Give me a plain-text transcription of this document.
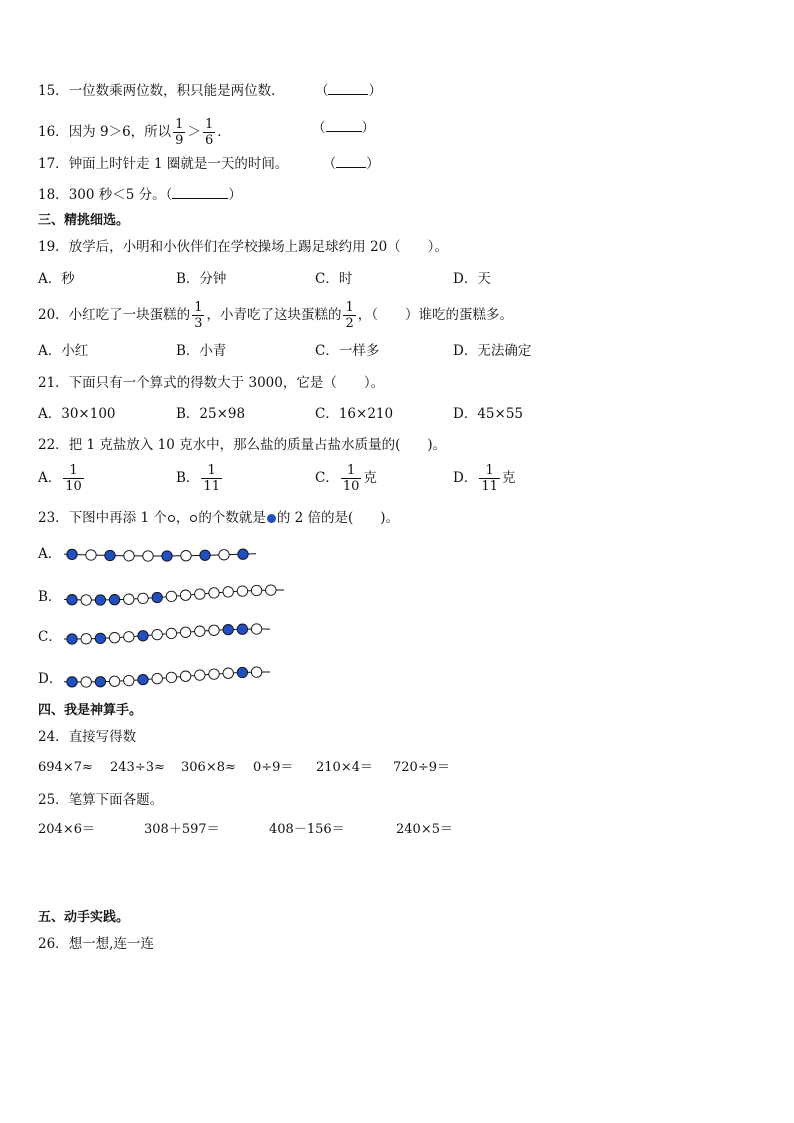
15．一位数乘两位数，积只能是两位数． （	）
16．因为 9＞6，所以 $\frac{1}{9} > \frac{1}{6}$ ．	（	）
17．钟面上时针走 1 圈就是一天的时间。	（ ）
18．300 秒＜5 分。（	）
三、精挑细选。
19．放学后，小明和小伙伴们在学校操场上踢足球约用 20（　　）。
A．秒	B．分钟	C．时	D．天
20．小红吃了一块蛋糕的 $\frac{1}{3}$ ，小青吃了这块蛋糕的 $\frac{1}{2}$ ，（　　）谁吃的蛋糕多。
A．小红	B．小青	C．一样多	D．无法确定
21．下面只有一个算式的得数大于 3000，它是（　　）。
A．30×100	B．25×98	C．16×210	D．45×55
22．把 1 克盐放入 10 克水中，那么盐的质量占盐水质量的(　　)。
A． $\frac{1}{10}$	B． $\frac{1}{11}$	C． $\frac{1}{10}$ 克	D． $\frac{1}{11}$ 克
23．下图中再添 1 个 ， 的个数就是 的 2 倍的是(　　)。
A．
B．
C．
D．
四、我是神算手。
24．直接写得数
694×7≈ 243÷3≈ 306×8≈ 0÷9＝ 210×4＝ 720÷9＝
25．笔算下面各题。
204×6＝	308＋597＝	408－156＝	240×5＝
五、动手实践。
26．想一想,连一连
